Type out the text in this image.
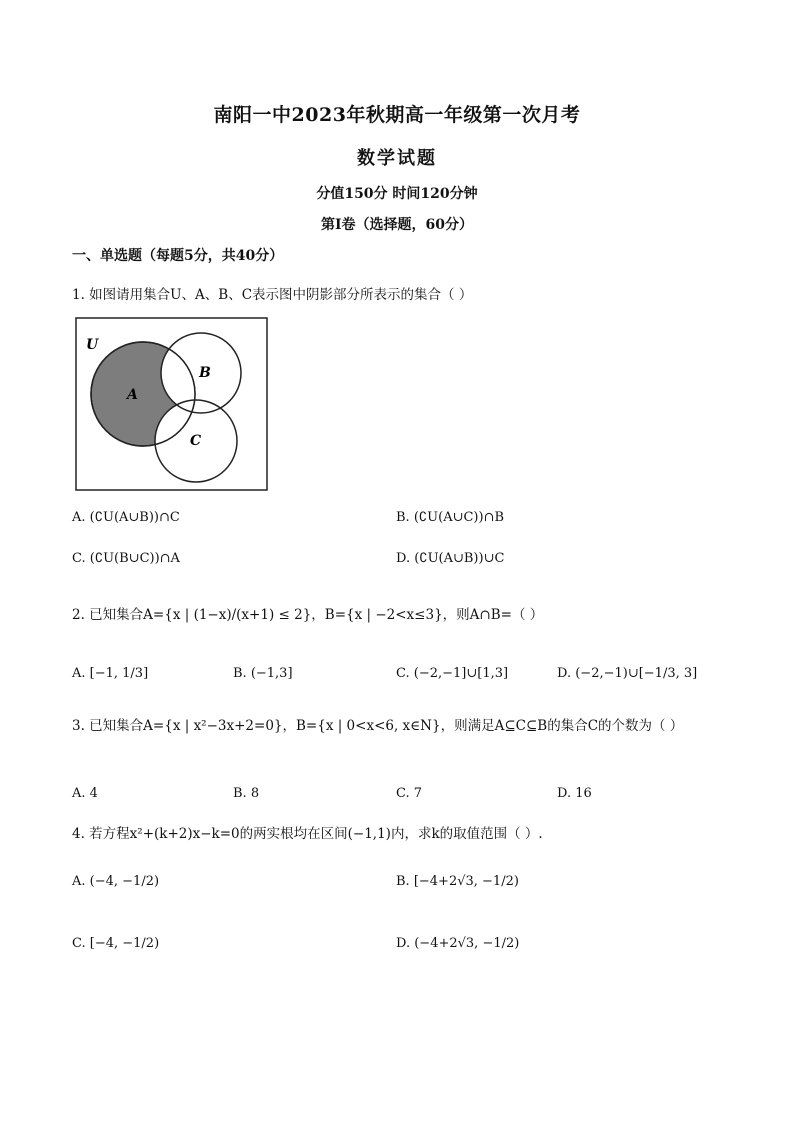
南阳一中2023年秋期高一年级第一次月考
数学试题
分值150分 时间120分钟
第Ⅰ卷（选择题，60分）
一、单选题（每题5分，共40分）
1. 如图请用集合U、A、B、C表示图中阴影部分所表示的集合（ ）
U
A
B
C
A. (∁U(A∪B))∩C	B. (∁U(A∪C))∩B
C. (∁U(B∪C))∩A	D. (∁U(A∪B))∪C
2. 已知集合A={x | (1−x)/(x+1) ≤ 2}，B={x | −2<x≤3}，则A∩B=（ ）
A. [−1, 1/3]	B. (−1,3]	C. (−2,−1]∪[1,3]	D. (−2,−1)∪[−1/3, 3]
3. 已知集合A={x | x²−3x+2=0}，B={x | 0<x<6, x∈N}，则满足A⊆C⊆B的集合C的个数为（ ）
A. 4	B. 8	C. 7	D. 16
4. 若方程x²+(k+2)x−k=0的两实根均在区间(−1,1)内，求k的取值范围（ ）.
A. (−4, −1/2)	B. [−4+2√3, −1/2)
C. [−4, −1/2)	D. (−4+2√3, −1/2)
